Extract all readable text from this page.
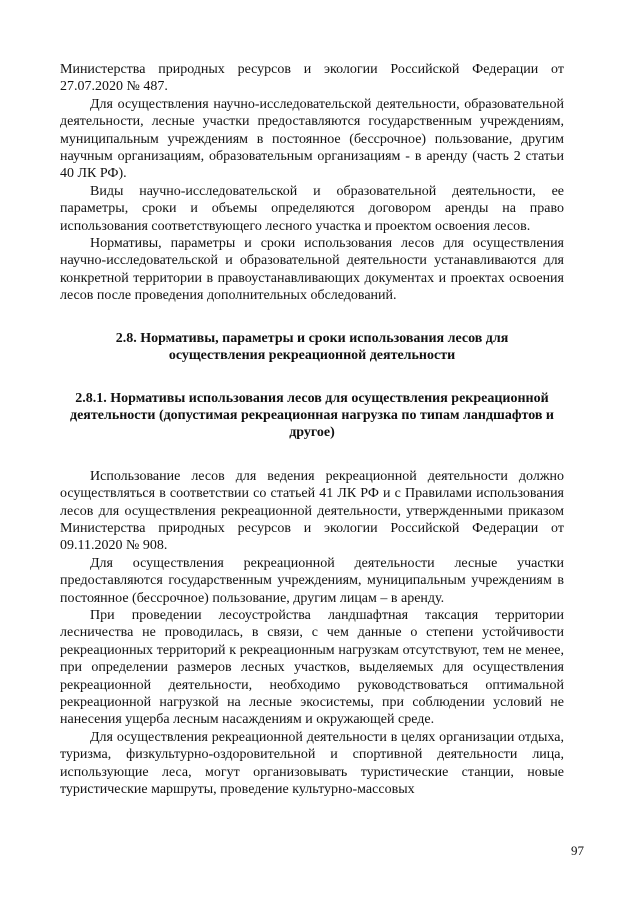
Министерства природных ресурсов и экологии Российской Федерации от 27.07.2020 № 487.

Для осуществления научно-исследовательской деятельности, образовательной деятельности, лесные участки предоставляются государственным учреждениям, муниципальным учреждениям в постоянное (бессрочное) пользование, другим научным организациям, образовательным организациям - в аренду (часть 2 статьи 40 ЛК РФ).

Виды научно-исследовательской и образовательной деятельности, ее параметры, сроки и объемы определяются договором аренды на право использования соответствующего лесного участка и проектом освоения лесов.

Нормативы, параметры и сроки использования лесов для осуществления научно-исследовательской и образовательной деятельности устанавливаются для конкретной территории в правоустанавливающих документах и проектах освоения лесов после проведения дополнительных обследований.

2.8. Нормативы, параметры и сроки использования лесов для осуществления рекреационной деятельности

2.8.1. Нормативы использования лесов для осуществления рекреационной деятельности (допустимая рекреационная нагрузка по типам ландшафтов и другое)

Использование лесов для ведения рекреационной деятельности должно осуществляться в соответствии со статьей 41 ЛК РФ и с Правилами использования лесов для осуществления рекреационной деятельности, утвержденными приказом Министерства природных ресурсов и экологии Российской Федерации от 09.11.2020 № 908.

Для осуществления рекреационной деятельности лесные участки предоставляются государственным учреждениям, муниципальным учреждениям в постоянное (бессрочное) пользование, другим лицам – в аренду.

При проведении лесоустройства ландшафтная таксация территории лесничества не проводилась, в связи, с чем данные о степени устойчивости рекреационных территорий к рекреационным нагрузкам отсутствуют, тем не менее, при определении размеров лесных участков, выделяемых для осуществления рекреационной деятельности, необходимо руководствоваться оптимальной рекреационной нагрузкой на лесные экосистемы, при соблюдении условий не нанесения ущерба лесным насаждениям и окружающей среде.

Для осуществления рекреационной деятельности в целях организации отдыха, туризма, физкультурно-оздоровительной и спортивной деятельности лица, использующие леса, могут организовывать туристические станции, новые туристические маршруты, проведение культурно-массовых

97
